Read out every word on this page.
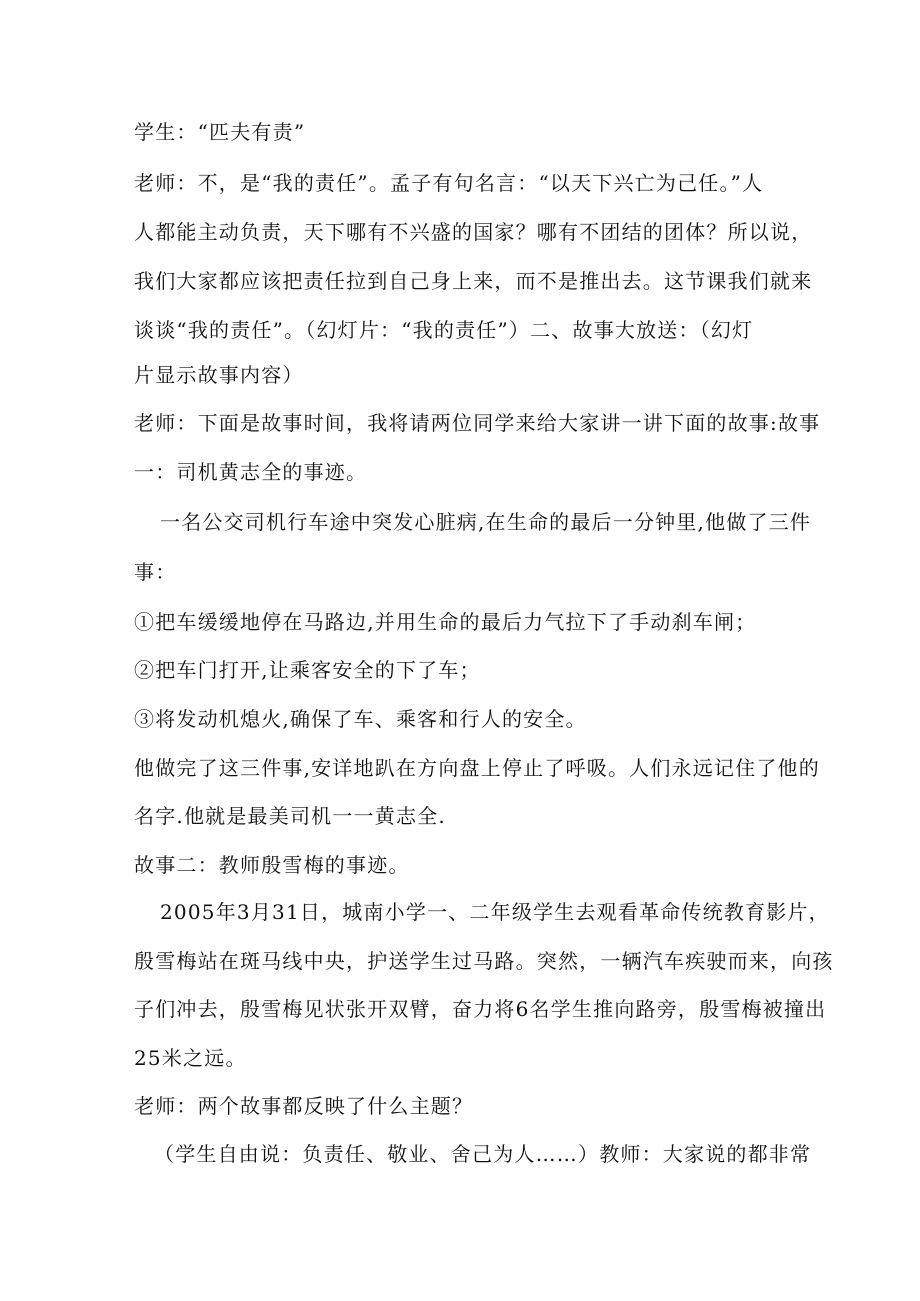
学生：“匹夫有责”
老师：不，是“我的责任”。孟子有句名言：“以天下兴亡为己任。”人
人都能主动负责，天下哪有不兴盛的国家？哪有不团结的团体？所以说，
我们大家都应该把责任拉到自己身上来，而不是推出去。这节课我们就来
谈谈“我的责任”。（幻灯片：“我的责任”）二、故事大放送：（幻灯
片显示故事内容）
老师：下面是故事时间，我将请两位同学来给大家讲一讲下面的故事:故事
一：司机黄志全的事迹。
一名公交司机行车途中突发心脏病,在生命的最后一分钟里,他做了三件
事：
①把车缓缓地停在马路边,并用生命的最后力气拉下了手动刹车闸；
②把车门打开,让乘客安全的下了车；
③将发动机熄火,确保了车、乘客和行人的安全。
他做完了这三件事,安详地趴在方向盘上停止了呼吸。人们永远记住了他的
名字.他就是最美司机一一黄志全.
故事二：教师殷雪梅的事迹。
2005年3月31日，城南小学一、二年级学生去观看革命传统教育影片，
殷雪梅站在斑马线中央，护送学生过马路。突然，一辆汽车疾驶而来，向孩
子们冲去，殷雪梅见状张开双臂，奋力将6名学生推向路旁，殷雪梅被撞出
25米之远。
老师：两个故事都反映了什么主题？
（学生自由说：负责任、敬业、舍己为人……）教师：大家说的都非常
